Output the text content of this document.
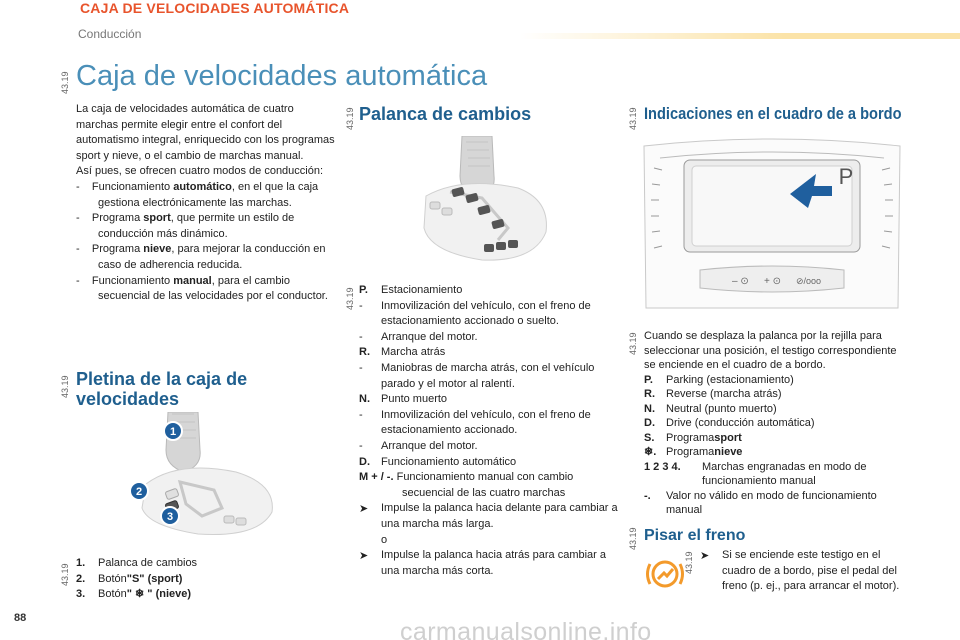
CAJA DE VELOCIDADES AUTOMÁTICA
Conducción
43.19 Caja de velocidades automática

La caja de velocidades automática de cuatro marchas permite elegir entre el confort del automatismo integral, enriquecido con los programas sport y nieve, o el cambio de marchas manual.

Así pues, se ofrecen cuatro modos de conducción:

-    Funcionamiento automático, en el que la caja gestiona electrónicamente las marchas.

-    Programa sport, que permite un estilo de conducción más dinámico.

-    Programa nieve, para mejorar la conducción en caso de adherencia reducida.

-    Funcionamiento manual, para el cambio secuencial de las velocidades por el conductor.

43.19 Pletina de la caja de
velocidades
1
2
3
43.19
1.	Palanca de cambios
2.	Botón "S" (sport)
3.	Botón " ❄ " (nieve)
43.19 Palanca de cambios
43.19 P.	Estacionamiento
-	Inmovilización del vehículo, con el freno de estacionamiento accionado o suelto.
-	Arranque del motor.
R.	Marcha atrás
-	Maniobras de marcha atrás, con el vehículo parado y el motor al ralentí.
N.	Punto muerto
-	Inmovilización del vehículo, con el freno de estacionamiento accionado.
-	Arranque del motor.
D.	Funcionamiento automático
M + / -. Funcionamiento manual con cambio
secuencial de las cuatro marchas
➤	Impulse la palanca hacia delante para cambiar a una marcha más larga.
o
➤	Impulse la palanca hacia atrás para cambiar a una marcha más corta.
43.19 Indicaciones en el cuadro de a bordo
P
– ⊙ + ⊙ ⊘/ooo
43.19 Cuando se desplaza la palanca por la rejilla para seleccionar una posición, el testigo correspondiente se enciende en el cuadro de a bordo.

P.	Parking (estacionamiento)
R.	Reverse (marcha atrás)
N.	Neutral (punto muerto)
D.	Drive (conducción automática)
S.	Programa sport
❄. Programa nieve
1 2 3 4.	Marchas engranadas en modo de funcionamiento manual
-.	Valor no válido en modo de funcionamiento manual
43.19 Pisar el freno
43.19 ➤	Si se enciende este testigo en el cuadro de a bordo, pise el pedal del freno (p. ej., para arrancar el motor).
88	carmanualsonline.info
